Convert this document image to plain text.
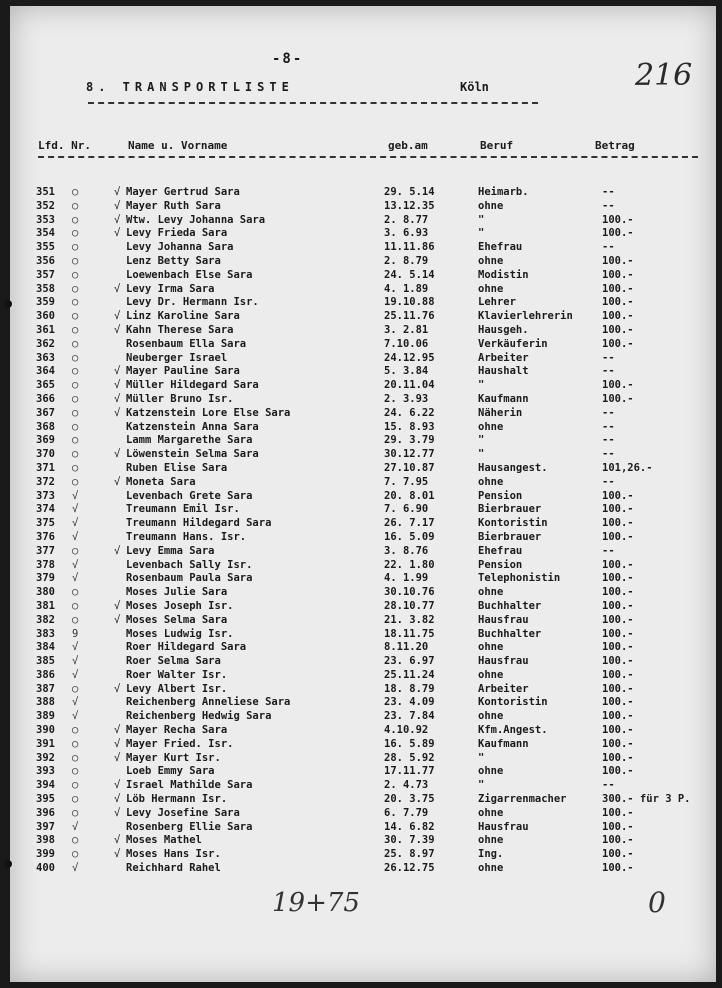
-8-	216
8. TRANSPORTLISTE	Köln
Lfd. Nr.	Name u. Vorname	geb.am	Beruf	Betrag
351 ○	√ Mayer Gertrud Sara	29. 5.14	Heimarb.	--
352 ○	√ Mayer Ruth Sara	13.12.35	ohne	--
353 ○	√ Wtw. Levy Johanna Sara	2. 8.77	"	100.-
354 ○	√ Levy Frieda Sara	3. 6.93	"	100.-
355 ○	Levy Johanna Sara	11.11.86	Ehefrau	--
356 ○	Lenz Betty Sara	2. 8.79	ohne	100.-
357 ○	Loewenbach Else Sara	24. 5.14	Modistin	100.-
358 ○	√ Levy Irma Sara	4. 1.89	ohne	100.-
359 ○	Levy Dr. Hermann Isr.	19.10.88	Lehrer	100.-
360 ○	√ Linz Karoline Sara	25.11.76	Klavierlehrerin	100.-
361 ○	√ Kahn Therese Sara	3. 2.81	Hausgeh.	100.-
362 ○	Rosenbaum Ella Sara	7.10.06	Verkäuferin	100.-
363 ○	Neuberger Israel	24.12.95	Arbeiter	--
364 ○	√ Mayer Pauline Sara	5. 3.84	Haushalt	--
365 ○	√ Müller Hildegard Sara	20.11.04	"	100.-
366 ○	√ Müller Bruno Isr.	2. 3.93	Kaufmann	100.-
367 ○	√ Katzenstein Lore Else Sara	24. 6.22	Näherin	--
368 ○	Katzenstein Anna Sara	15. 8.93	ohne	--
369 ○	Lamm Margarethe Sara	29. 3.79	"	--
370 ○	√ Löwenstein Selma Sara	30.12.77	"	--
371 ○	Ruben Elise Sara	27.10.87	Hausangest.	101,26.-
372 ○	√ Moneta Sara	7. 7.95	ohne	--
373 √	Levenbach Grete Sara	20. 8.01	Pension	100.-
374 √	Treumann Emil Isr.	7. 6.90	Bierbrauer	100.-
375 √	Treumann Hildegard Sara	26. 7.17	Kontoristin	100.-
376 √	Treumann Hans. Isr.	16. 5.09	Bierbrauer	100.-
377 ○	√ Levy Emma Sara	3. 8.76	Ehefrau	--
378 √	Levenbach Sally Isr.	22. 1.80	Pension	100.-
379 √	Rosenbaum Paula Sara	4. 1.99	Telephonistin	100.-
380 ○	Moses Julie Sara	30.10.76	ohne	100.-
381 ○	√ Moses Joseph Isr.	28.10.77	Buchhalter	100.-
382 ○	√ Moses Selma Sara	21. 3.82	Hausfrau	100.-
383 9	Moses Ludwig Isr.	18.11.75	Buchhalter	100.-
384 √	Roer Hildegard Sara	8.11.20	ohne	100.-
385 √	Roer Selma Sara	23. 6.97	Hausfrau	100.-
386 √	Roer Walter Isr.	25.11.24	ohne	100.-
387 ○	√ Levy Albert Isr.	18. 8.79	Arbeiter	100.-
388 √	Reichenberg Anneliese Sara	23. 4.09	Kontoristin	100.-
389 √	Reichenberg Hedwig Sara	23. 7.84	ohne	100.-
390 ○	√ Mayer Recha Sara	4.10.92	Kfm.Angest.	100.-
391 ○	√ Mayer Fried. Isr.	16. 5.89	Kaufmann	100.-
392 ○	√ Mayer Kurt Isr.	28. 5.92	"	100.-
393 ○	Loeb Emmy Sara	17.11.77	ohne	100.-
394 ○	√ Israel Mathilde Sara	2. 4.73	"	--
395 ○	√ Löb Hermann Isr.	20. 3.75	Zigarrenmacher	300.- für 3 P.
396 ○	√ Levy Josefine Sara	6. 7.79	ohne	100.-
397 √	Rosenberg Ellie Sara	14. 6.82	Hausfrau	100.-
398 ○	√ Moses Mathel	30. 7.39	ohne	100.-
399 ○	√ Moses Hans Isr.	25. 8.97	Ing.	100.-
400 √	Reichhard Rahel	26.12.75	ohne	100.-
19+75	0
